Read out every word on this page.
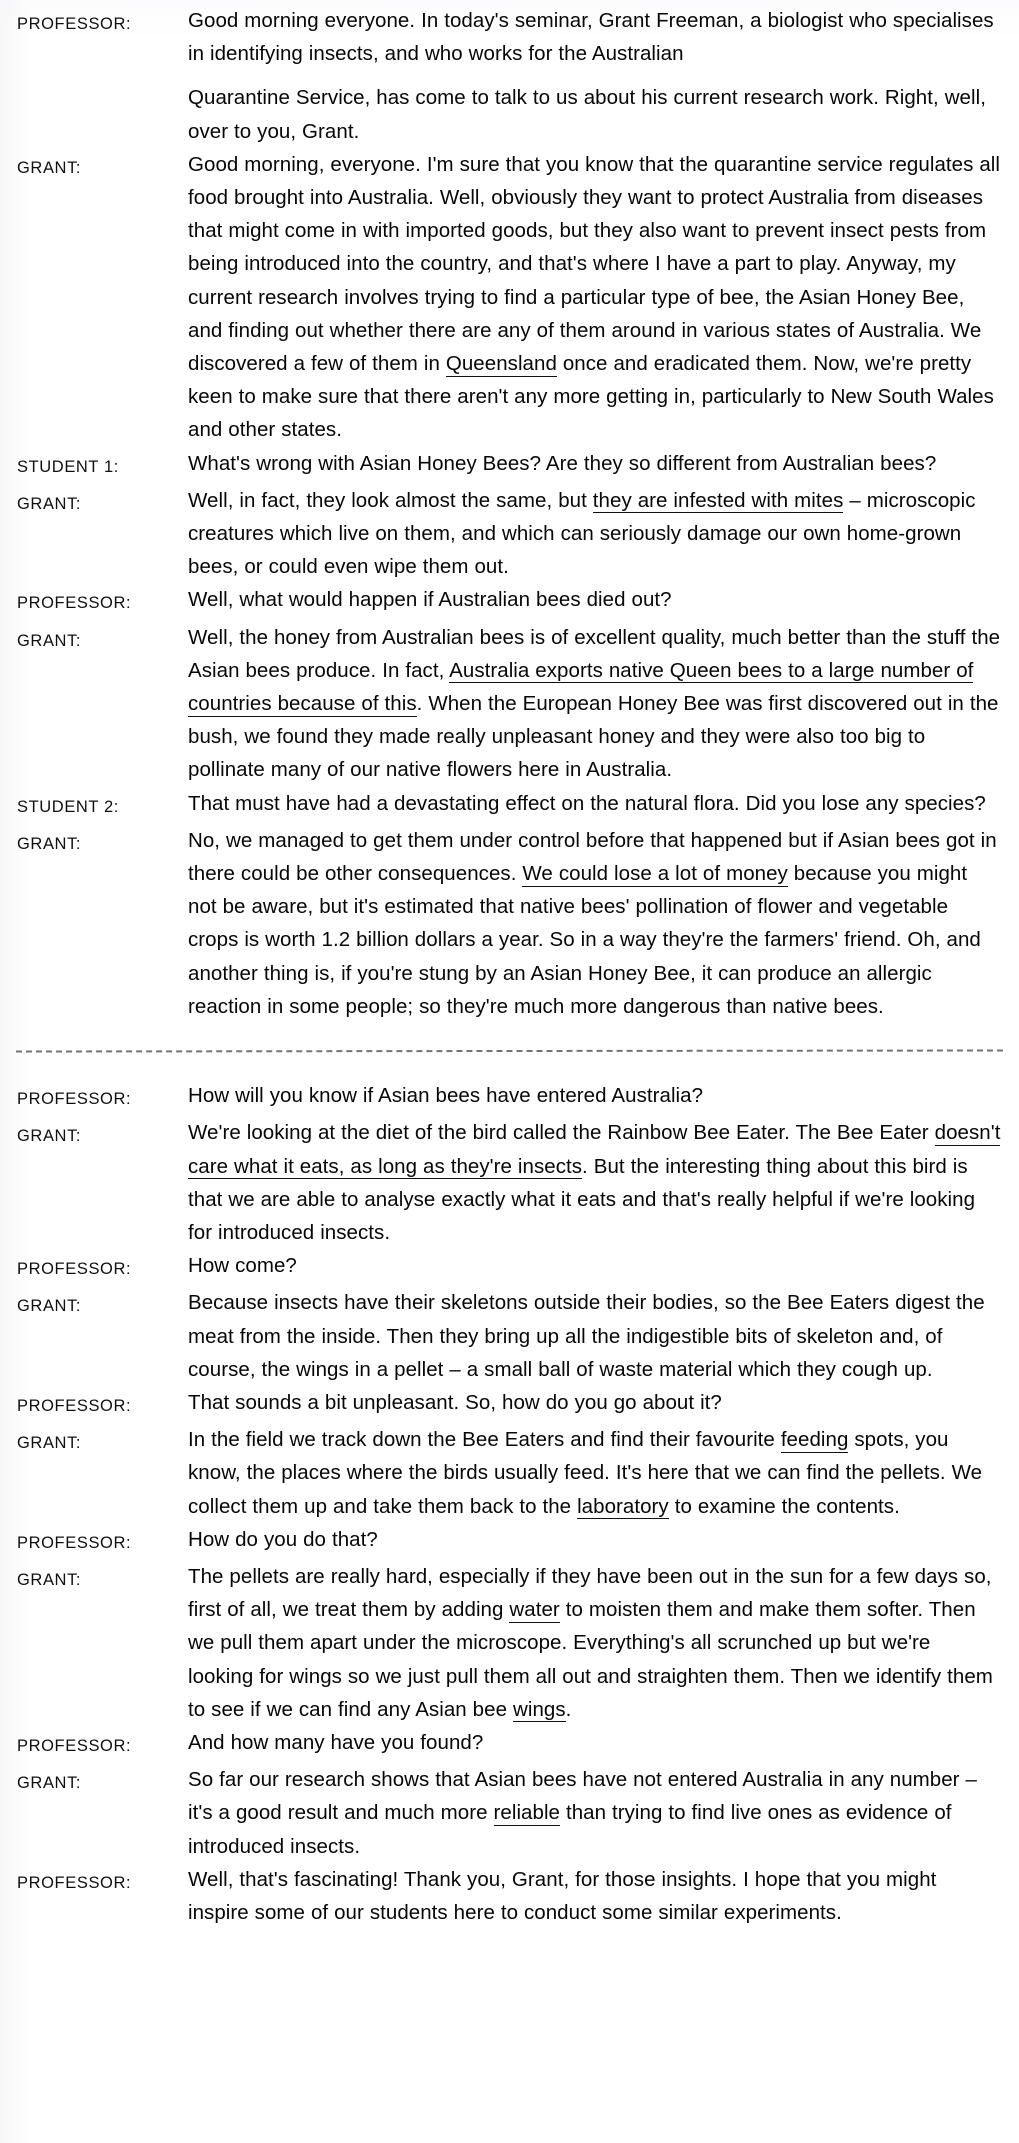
PROFESSOR:	Good morning everyone. In today's seminar, Grant Freeman, a biologist who specialises in identifying insects, and who works for the Australian

Quarantine Service, has come to talk to us about his current research work. Right, well, over to you, Grant.

GRANT:	Good morning, everyone. I'm sure that you know that the quarantine service regulates all food brought into Australia. Well, obviously they want to protect Australia from diseases that might come in with imported goods, but they also want to prevent insect pests from being introduced into the country, and that's where I have a part to play. Anyway, my current research involves trying to find a particular type of bee, the Asian Honey Bee, and finding out whether there are any of them around in various states of Australia. We discovered a few of them in Queensland once and eradicated them. Now, we're pretty keen to make sure that there aren't any more getting in, particularly to New South Wales and other states.

STUDENT 1:	What's wrong with Asian Honey Bees? Are they so different from Australian bees?

GRANT:	Well, in fact, they look almost the same, but they are infested with mites – microscopic creatures which live on them, and which can seriously damage our own home-grown bees, or could even wipe them out.

PROFESSOR:	Well, what would happen if Australian bees died out?

GRANT:	Well, the honey from Australian bees is of excellent quality, much better than the stuff the Asian bees produce. In fact, Australia exports native Queen bees to a large number of countries because of this. When the European Honey Bee was first discovered out in the bush, we found they made really unpleasant honey and they were also too big to pollinate many of our native flowers here in Australia.

STUDENT 2:	That must have had a devastating effect on the natural flora. Did you lose any species?

GRANT:	No, we managed to get them under control before that happened but if Asian bees got in there could be other consequences. We could lose a lot of money because you might not be aware, but it's estimated that native bees' pollination of flower and vegetable crops is worth 1.2 billion dollars a year. So in a way they're the farmers' friend. Oh, and another thing is, if you're stung by an Asian Honey Bee, it can produce an allergic reaction in some people; so they're much more dangerous than native bees.

PROFESSOR:	How will you know if Asian bees have entered Australia?

GRANT:	We're looking at the diet of the bird called the Rainbow Bee Eater. The Bee Eater doesn't care what it eats, as long as they're insects. But the interesting thing about this bird is that we are able to analyse exactly what it eats and that's really helpful if we're looking for introduced insects.

PROFESSOR:	How come?

GRANT:	Because insects have their skeletons outside their bodies, so the Bee Eaters digest the meat from the inside. Then they bring up all the indigestible bits of skeleton and, of course, the wings in a pellet – a small ball of waste material which they cough up.

PROFESSOR:	That sounds a bit unpleasant. So, how do you go about it?

GRANT:	In the field we track down the Bee Eaters and find their favourite feeding spots, you know, the places where the birds usually feed. It's here that we can find the pellets. We collect them up and take them back to the laboratory to examine the contents.

PROFESSOR:	How do you do that?

GRANT:	The pellets are really hard, especially if they have been out in the sun for a few days so, first of all, we treat them by adding water to moisten them and make them softer. Then we pull them apart under the microscope. Everything's all scrunched up but we're looking for wings so we just pull them all out and straighten them. Then we identify them to see if we can find any Asian bee wings.

PROFESSOR:	And how many have you found?

GRANT:	So far our research shows that Asian bees have not entered Australia in any number – it's a good result and much more reliable than trying to find live ones as evidence of introduced insects.

PROFESSOR:	Well, that's fascinating! Thank you, Grant, for those insights. I hope that you might inspire some of our students here to conduct some similar experiments.
